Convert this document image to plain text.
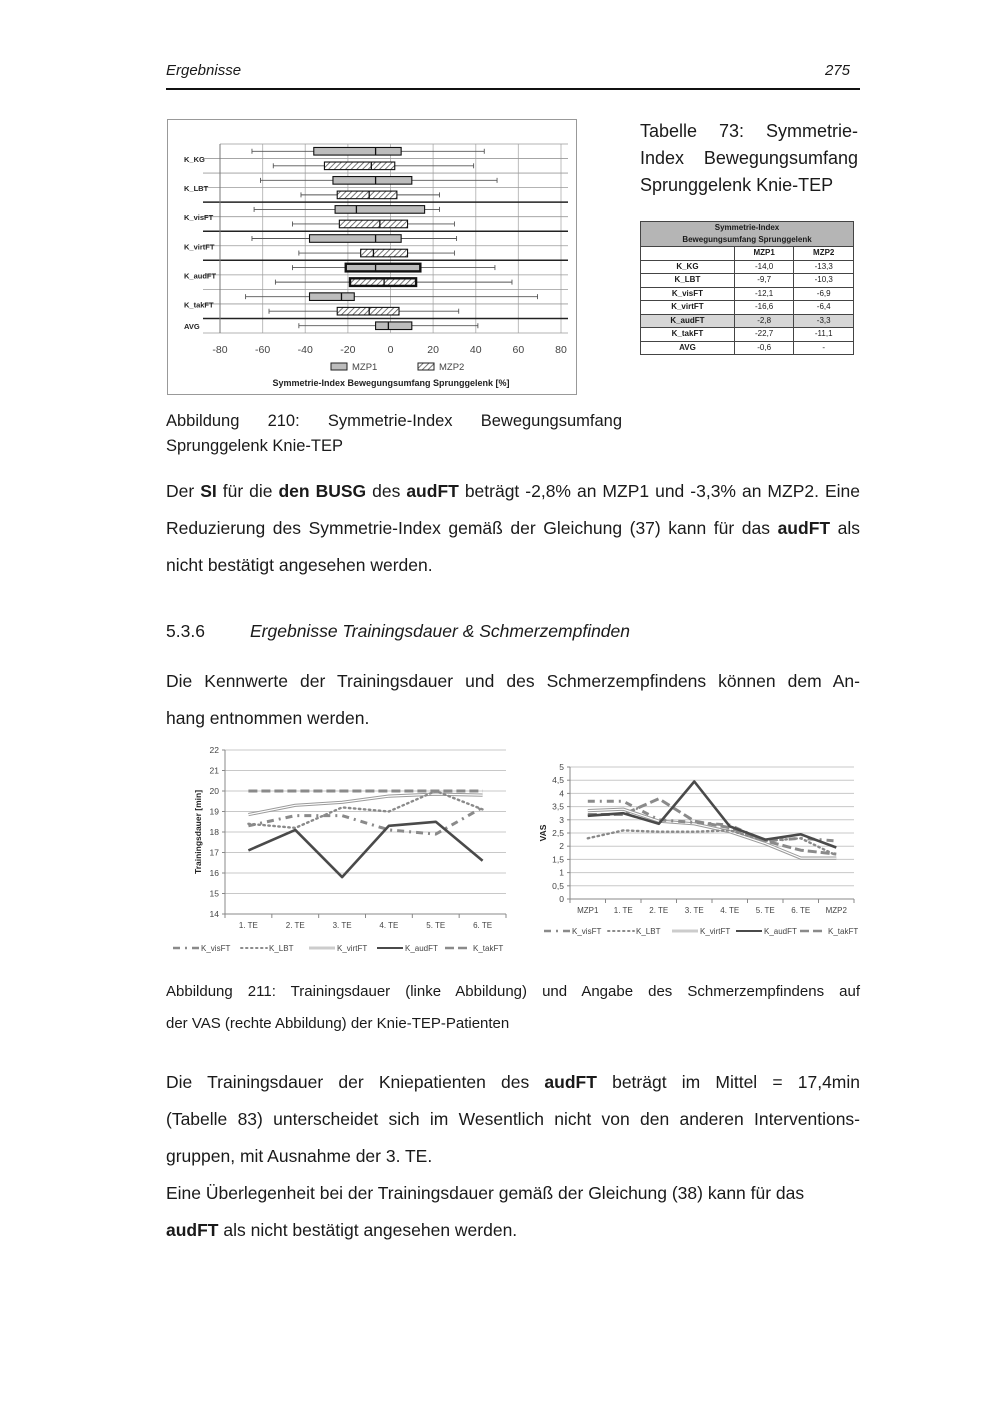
Ergebnisse	275
-80	-60	-40	-20	0	20	40	60	80
K_KG
K_LBT
K_visFT
K_virtFT
K_audFT
K_takFT
AVG
MZP1	MZP2
Symmetrie-Index Bewegungsumfang Sprunggelenk [%]
Tabelle 73: Symmetrie-
Index Bewegungsumfang
Sprunggelenk Knie-TEP
Symmetrie-Index
Bewegungsumfang Sprunggelenk		
	MZP1	MZP2
K_KG	-14,0	-13,3
K_LBT	-9,7	-10,3
K_visFT	-12,1	-6,9
K_virtFT	-16,6	-6,4
K_audFT	-2,8	-3,3
K_takFT	-22,7	-11,1
AVG	-0,6	-
Abbildung 210: Symmetrie-Index Bewegungsumfang
Sprunggelenk Knie-TEP
Der SI für die den BUSG des audFT beträgt -2,8% an MZP1 und -3,3% an MZP2. Eine
Reduzierung des Symmetrie-Index gemäß der Gleichung (37) kann für das audFT als
nicht bestätigt angesehen werden.
5.3.6	Ergebnisse Trainingsdauer & Schmerzempfinden
Die Kennwerte der Trainingsdauer und des Schmerzempfindens können dem An-
hang entnommen werden.
14
15
16
17
18
19
20
21
22
1. TE	2. TE	3. TE	4. TE	5. TE	6. TE
Trainingsdauer [min]
K_visFT	K_LBT	K_virtFT	K_audFT	K_takFT
0
0,5
1
1,5
2
2,5
3
3,5
4
4,5
5
MZP1 1. TE 2. TE 3. TE 4. TE 5. TE 6. TE MZP2
VAS
K_visFT	K_LBT	K_virtFT	K_audFT	K_takFT
Abbildung 211: Trainingsdauer (linke Abbildung) und Angabe des Schmerzempfindens auf
der VAS (rechte Abbildung) der Knie-TEP-Patienten
Die Trainingsdauer der Kniepatienten des audFT beträgt im Mittel = 17,4min
(Tabelle 83) unterscheidet sich im Wesentlich nicht von den anderen Interventions-
gruppen, mit Ausnahme der 3. TE.
Eine Überlegenheit bei der Trainingsdauer gemäß der Gleichung (38) kann für das
audFT als nicht bestätigt angesehen werden.
